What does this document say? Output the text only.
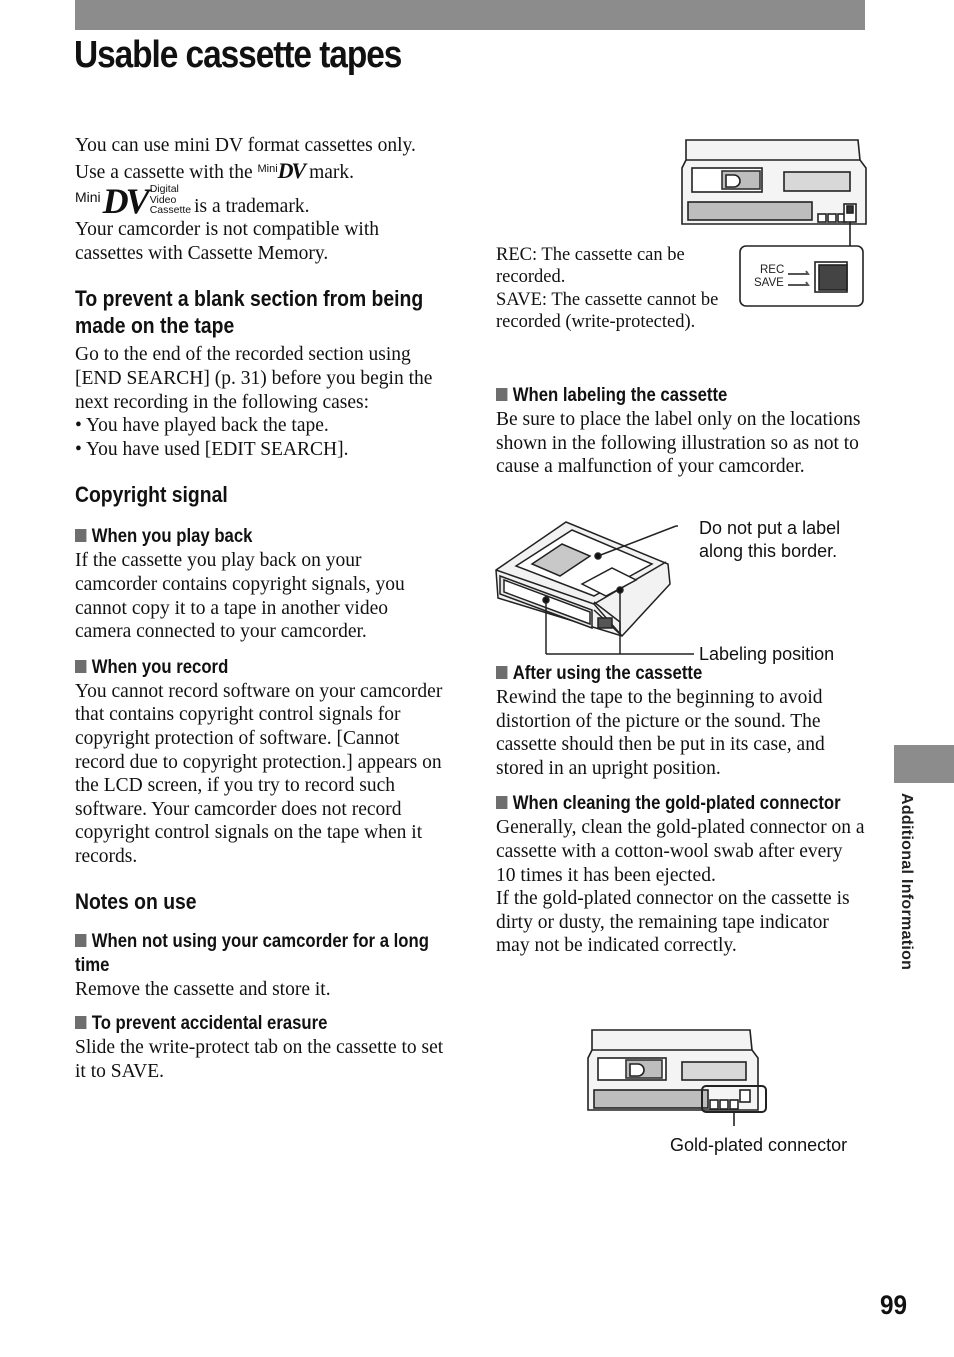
Usable cassette tapes

You can use mini DV format cassettes only.

Use a cassette with the $^{Mini}$DV mark.

Mini DV Digital
Video
Cassette is a trademark.

Your camcorder is not compatible with cassettes with Cassette Memory.

To prevent a blank section from being made on the tape

Go to the end of the recorded section using [END SEARCH] (p. 31) before you begin the next recording in the following cases:

• You have played back the tape.

• You have used [EDIT SEARCH].

Copyright signal

When you play back

If the cassette you play back on your camcorder contains copyright signals, you cannot copy it to a tape in another video camera connected to your camcorder.

When you record

You cannot record software on your camcorder that contains copyright control signals for copyright protection of software. [Cannot record due to copyright protection.] appears on the LCD screen, if you try to record such software. Your camcorder does not record copyright control signals on the tape when it records.

Notes on use

When not using your camcorder for a long time

Remove the cassette and store it.

To prevent accidental erasure

Slide the write-protect tab on the cassette to set it to SAVE.

REC
SAVE

REC: The cassette can be recorded.

SAVE: The cassette cannot be recorded (write-protected).

When labeling the cassette

Be sure to place the label only on the locations shown in the following illustration so as not to cause a malfunction of your camcorder.

After using the cassette

Rewind the tape to the beginning to avoid distortion of the picture or the sound. The cassette should then be put in its case, and stored in an upright position.

When cleaning the gold-plated connector

Generally, clean the gold-plated connector on a cassette with a cotton-wool swab after every 10 times it has been ejected.

If the gold-plated connector on the cassette is dirty or dusty, the remaining tape indicator may not be indicated correctly.

Do not put a label along this border.
Labeling position
Gold-plated connector
Additional Information
99
